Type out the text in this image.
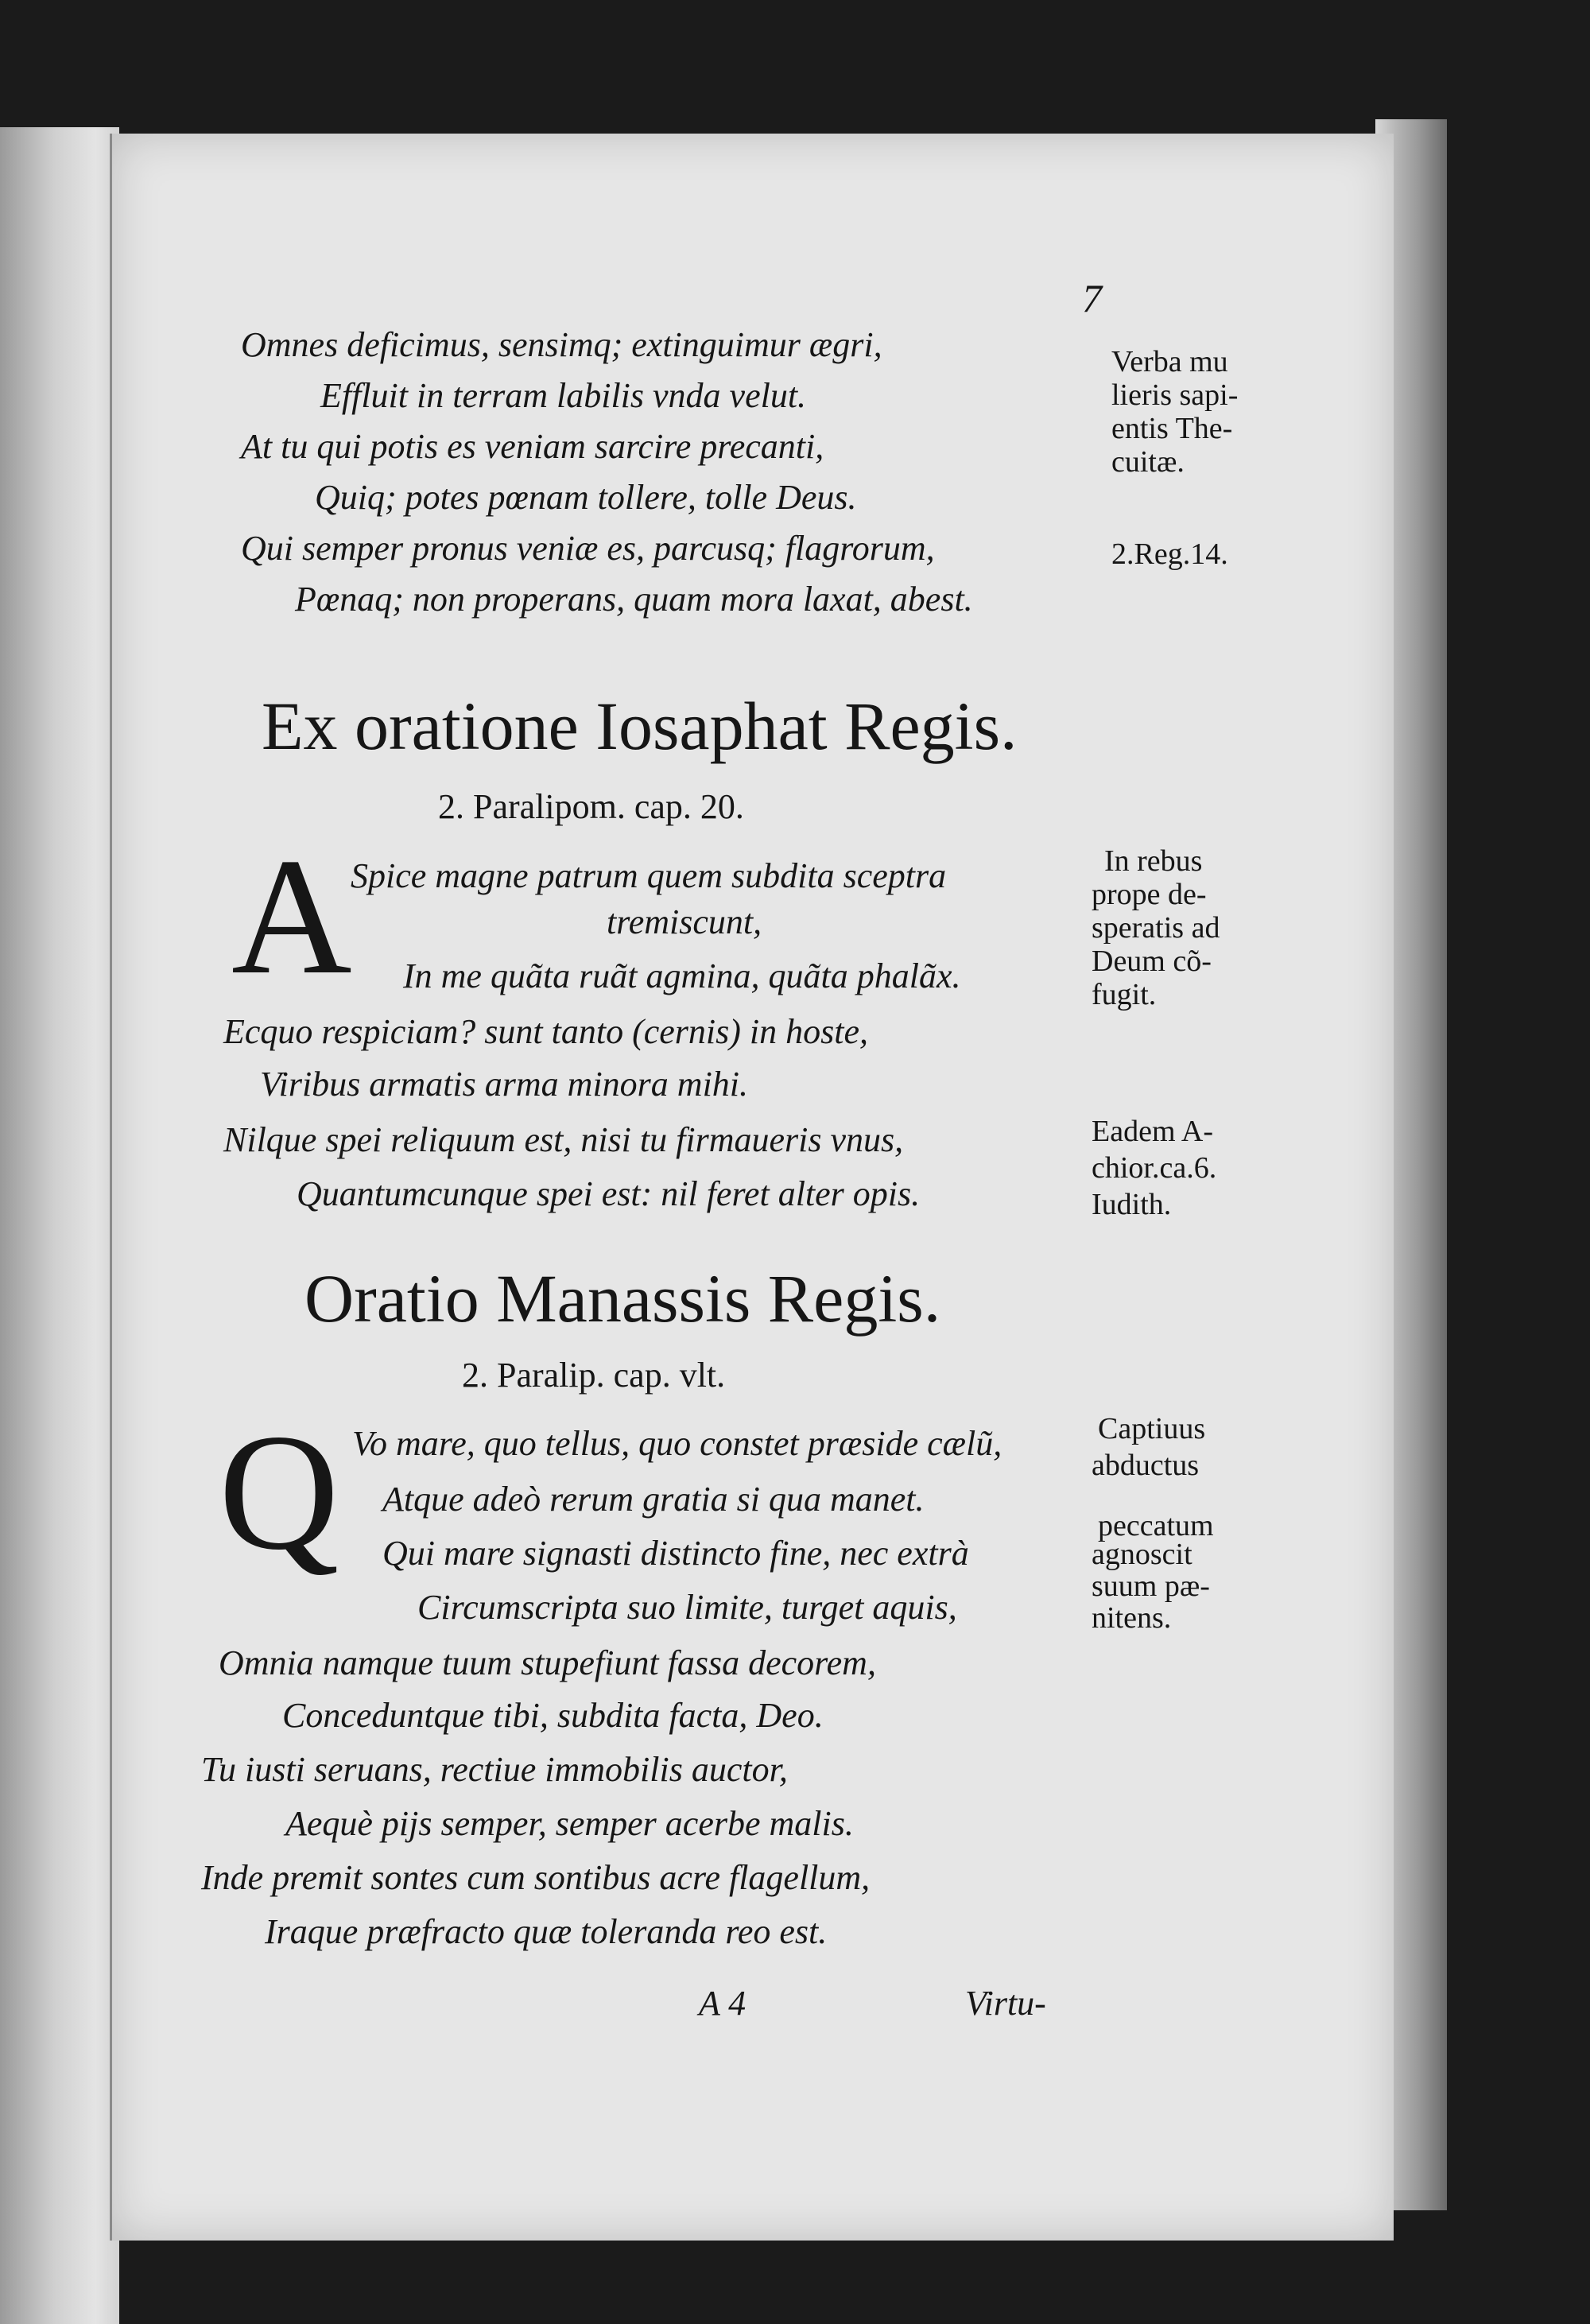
7
Omnes deficimus, sensimq; extinguimur ægri,
Effluit in terram labilis vnda velut.
At tu qui potis es veniam sarcire precanti,
Quiq; potes pœnam tollere, tolle Deus.
Qui semper pronus veniæ es, parcusq; flagrorum,
Pœnaq; non properans, quam mora laxat, abest.
Verba mu
lieris sapi-
entis The-
cuitæ.
2.Reg.14.
Ex oratione Iosaphat Regis.
2. Paralipom. cap. 20.
A
Spice magne patrum quem subdita sceptra
tremiscunt,
In me quãta ruãt agmina, quãta phalãx.
Ecquo respiciam? sunt tanto (cernis) in hoste,
Viribus armatis arma minora mihi.
Nilque spei reliquum est, nisi tu firmaueris vnus,
Quantumcunque spei est: nil feret alter opis.
In rebus
prope de-
speratis ad
Deum cõ-
fugit.
Eadem A-
chior.ca.6.
Iudith.
Oratio Manassis Regis.
2. Paralip. cap. vlt.
Q Vo mare, quo tellus, quo constet præside cælũ,
Atque adeò rerum gratia si qua manet.
Qui mare signasti distincto fine, nec extrà
Circumscripta suo limite, turget aquis,
Omnia namque tuum stupefiunt fassa decorem,
Conceduntque tibi, subdita facta, Deo.
Tu iusti seruans, rectiue immobilis auctor,
Aequè pijs semper, semper acerbe malis.
Inde premit sontes cum sontibus acre flagellum,
Iraque præfracto quæ toleranda reo est.
Captiuus
abductus
peccatum
agnoscit
suum pæ-
nitens.
A 4	Virtu-
